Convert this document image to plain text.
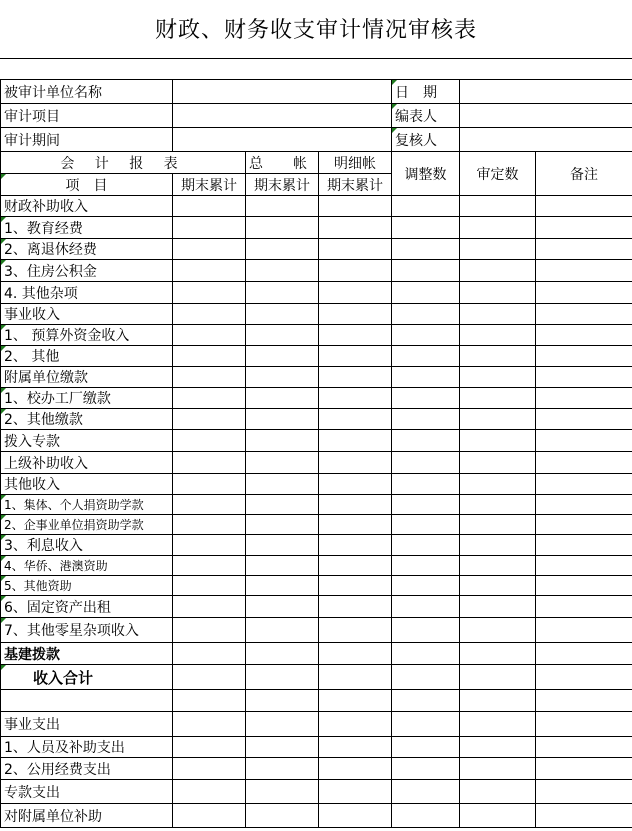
财政、财务收支审计情况审核表
被审计单位名称				日　期		
审计项目				编表人		
审计期间				复核人		
会 计 报 表		总　帐	明细帐	调整数	审定数	备注
项　目	期末累计	期末累计	期末累计			
财政补助收入						
1、教育经费						
2、离退休经费						
3、住房公积金						
4. 其他杂项						
事业收入						
1、 预算外资金收入						
2、 其他						
附属单位缴款						
1、校办工厂缴款						
2、其他缴款						
拨入专款						
上级补助收入						
其他收入						
1、集体、个人捐资助学款						
2、企事业单位捐资助学款						
3、利息收入						
4、华侨、港澳资助						
5、其他资助						
6、固定资产出租						
7、其他零星杂项收入						
基建拨款						
收入合计						

事业支出						
1、人员及补助支出						
2、公用经费支出						
专款支出						
对附属单位补助						
